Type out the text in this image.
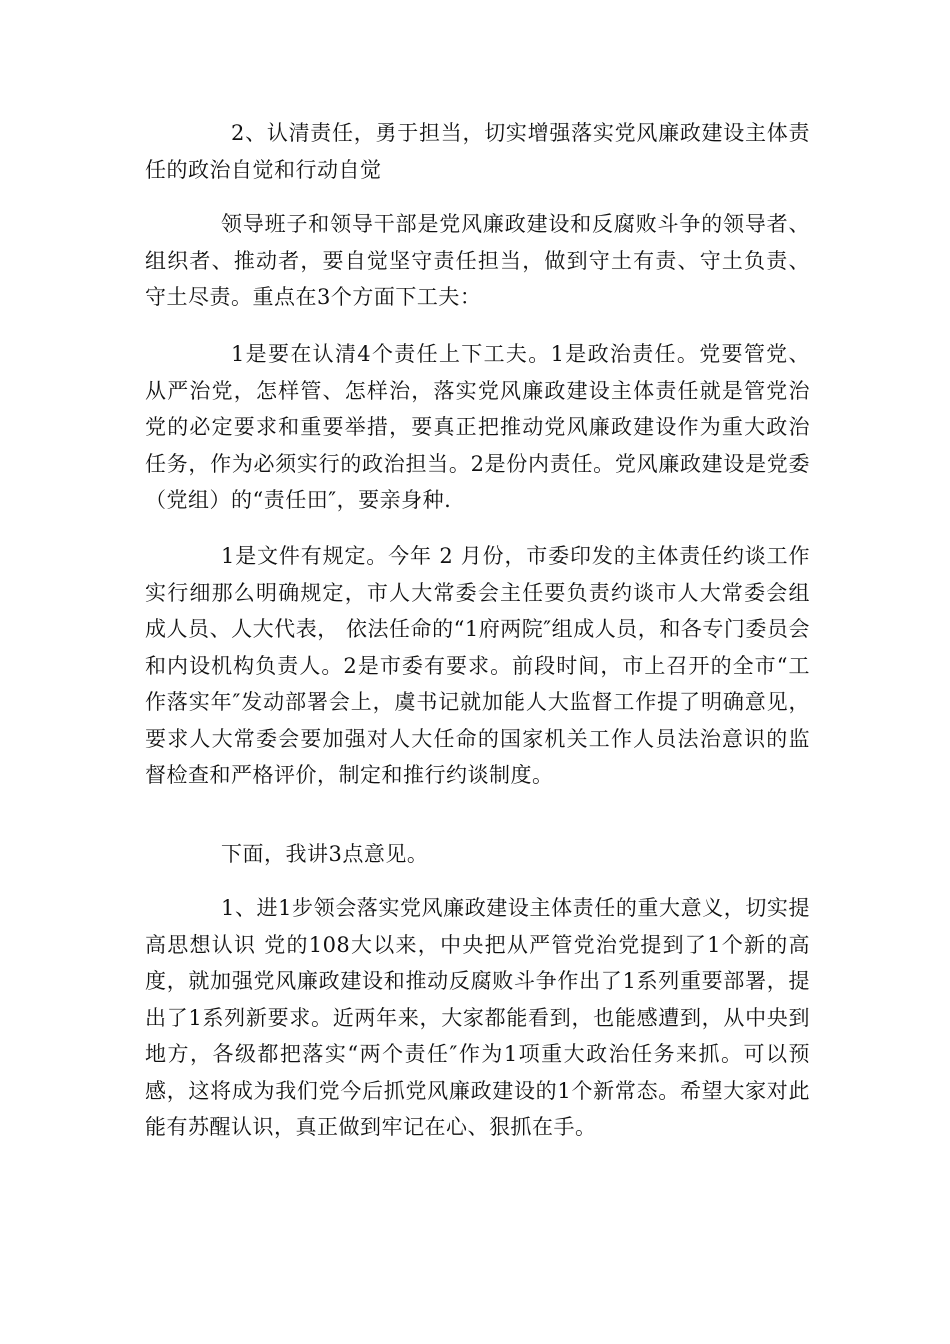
2、认清责任，勇于担当，切实增强落实党风廉政建设主体责任的政治自觉和行动自觉

领导班子和领导干部是党风廉政建设和反腐败斗争的领导者、组织者、推动者，要自觉坚守责任担当，做到守土有责、守土负责、守土尽责。重点在3个方面下工夫：

1是要在认清4个责任上下工夫。1是政治责任。党要管党、从严治党，怎样管、怎样治，落实党风廉政建设主体责任就是管党治党的必定要求和重要举措，要真正把推动党风廉政建设作为重大政治任务，作为必须实行的政治担当。2是份内责任。党风廉政建设是党委（党组）的“责任田″，要亲身种.

1是文件有规定。今年 2 月份，市委印发的主体责任约谈工作实行细那么明确规定，市人大常委会主任要负责约谈市人大常委会组成人员、人大代表， 依法任命的“1府两院″组成人员，和各专门委员会和内设机构负责人。2是市委有要求。前段时间，市上召开的全市“工作落实年″发动部署会上，虞书记就加能人大监督工作提了明确意见，要求人大常委会要加强对人大任命的国家机关工作人员法治意识的监督检查和严格评价，制定和推行约谈制度。

下面，我讲3点意见。

1、进1步领会落实党风廉政建设主体责任的重大意义，切实提高思想认识 党的108大以来，中央把从严管党治党提到了1个新的高度，就加强党风廉政建设和推动反腐败斗争作出了1系列重要部署，提出了1系列新要求。近两年来，大家都能看到，也能感遭到，从中央到地方，各级都把落实“两个责任″作为1项重大政治任务来抓。可以预感，这将成为我们党今后抓党风廉政建设的1个新常态。希望大家对此能有苏醒认识，真正做到牢记在心、狠抓在手。
